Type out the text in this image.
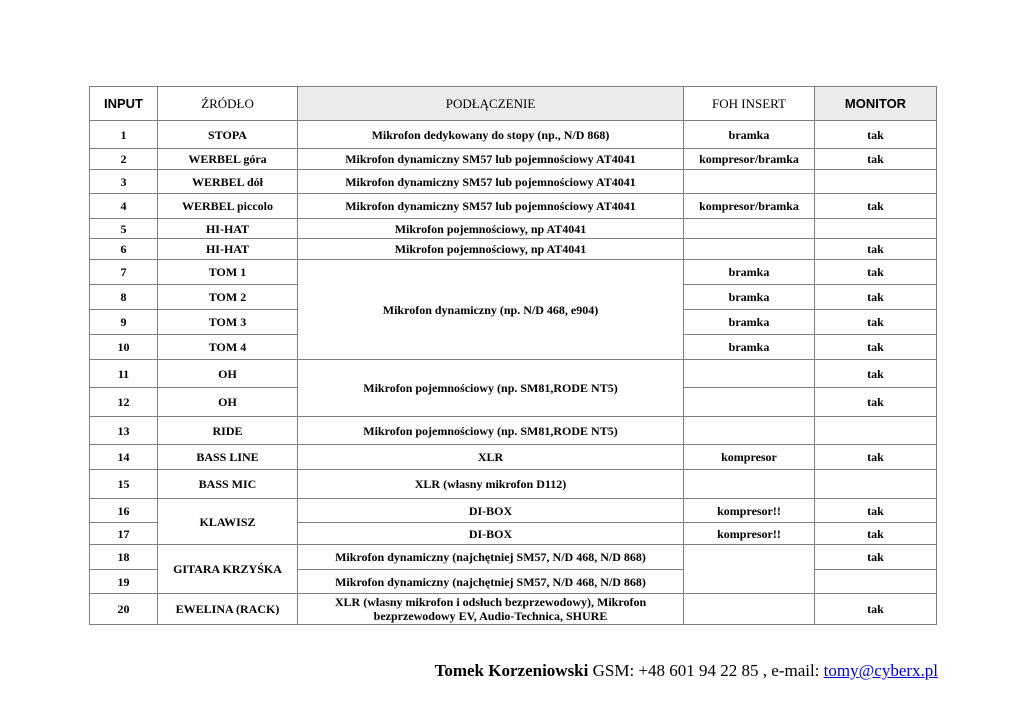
INPUT	ŹRÓDŁO	PODŁĄCZENIE	FOH INSERT	MONITOR
1	STOPA	Mikrofon dedykowany do stopy (np., N/D 868)	bramka	tak
2	WERBEL góra	Mikrofon dynamiczny SM57 lub pojemnościowy AT4041	kompresor/bramka	tak
3	WERBEL dół	Mikrofon dynamiczny SM57 lub pojemnościowy AT4041		
4	WERBEL piccolo	Mikrofon dynamiczny SM57 lub pojemnościowy AT4041	kompresor/bramka	tak
5	HI-HAT	Mikrofon pojemnościowy, np AT4041		
6	HI-HAT	Mikrofon pojemnościowy, np AT4041		tak
7	TOM 1	Mikrofon dynamiczny (np. N/D 468, e904)	bramka	tak
8	TOM 2		bramka	tak
9	TOM 3		bramka	tak
10	TOM 4		bramka	tak
11	OH	Mikrofon pojemnościowy (np. SM81,RODE NT5)		tak
12	OH			tak
13	RIDE	Mikrofon pojemnościowy (np. SM81,RODE NT5)		
14	BASS LINE	XLR	kompresor	tak
15	BASS MIC	XLR (własny mikrofon D112)		
16	KLAWISZ	DI-BOX	kompresor!!	tak
17		DI-BOX	kompresor!!	tak
18	GITARA KRZYŚKA	Mikrofon dynamiczny (najchętniej SM57, N/D 468, N/D 868)		tak
19		Mikrofon dynamiczny (najchętniej SM57, N/D 468, N/D 868)		
20	EWELINA (RACK)	XLR (własny mikrofon i odsłuch bezprzewodowy), Mikrofon bezprzewodowy EV, Audio-Technica, SHURE		tak
Tomek Korzeniowski GSM: +48 601 94 22 85 , e-mail: tomy@cyberx.pl
